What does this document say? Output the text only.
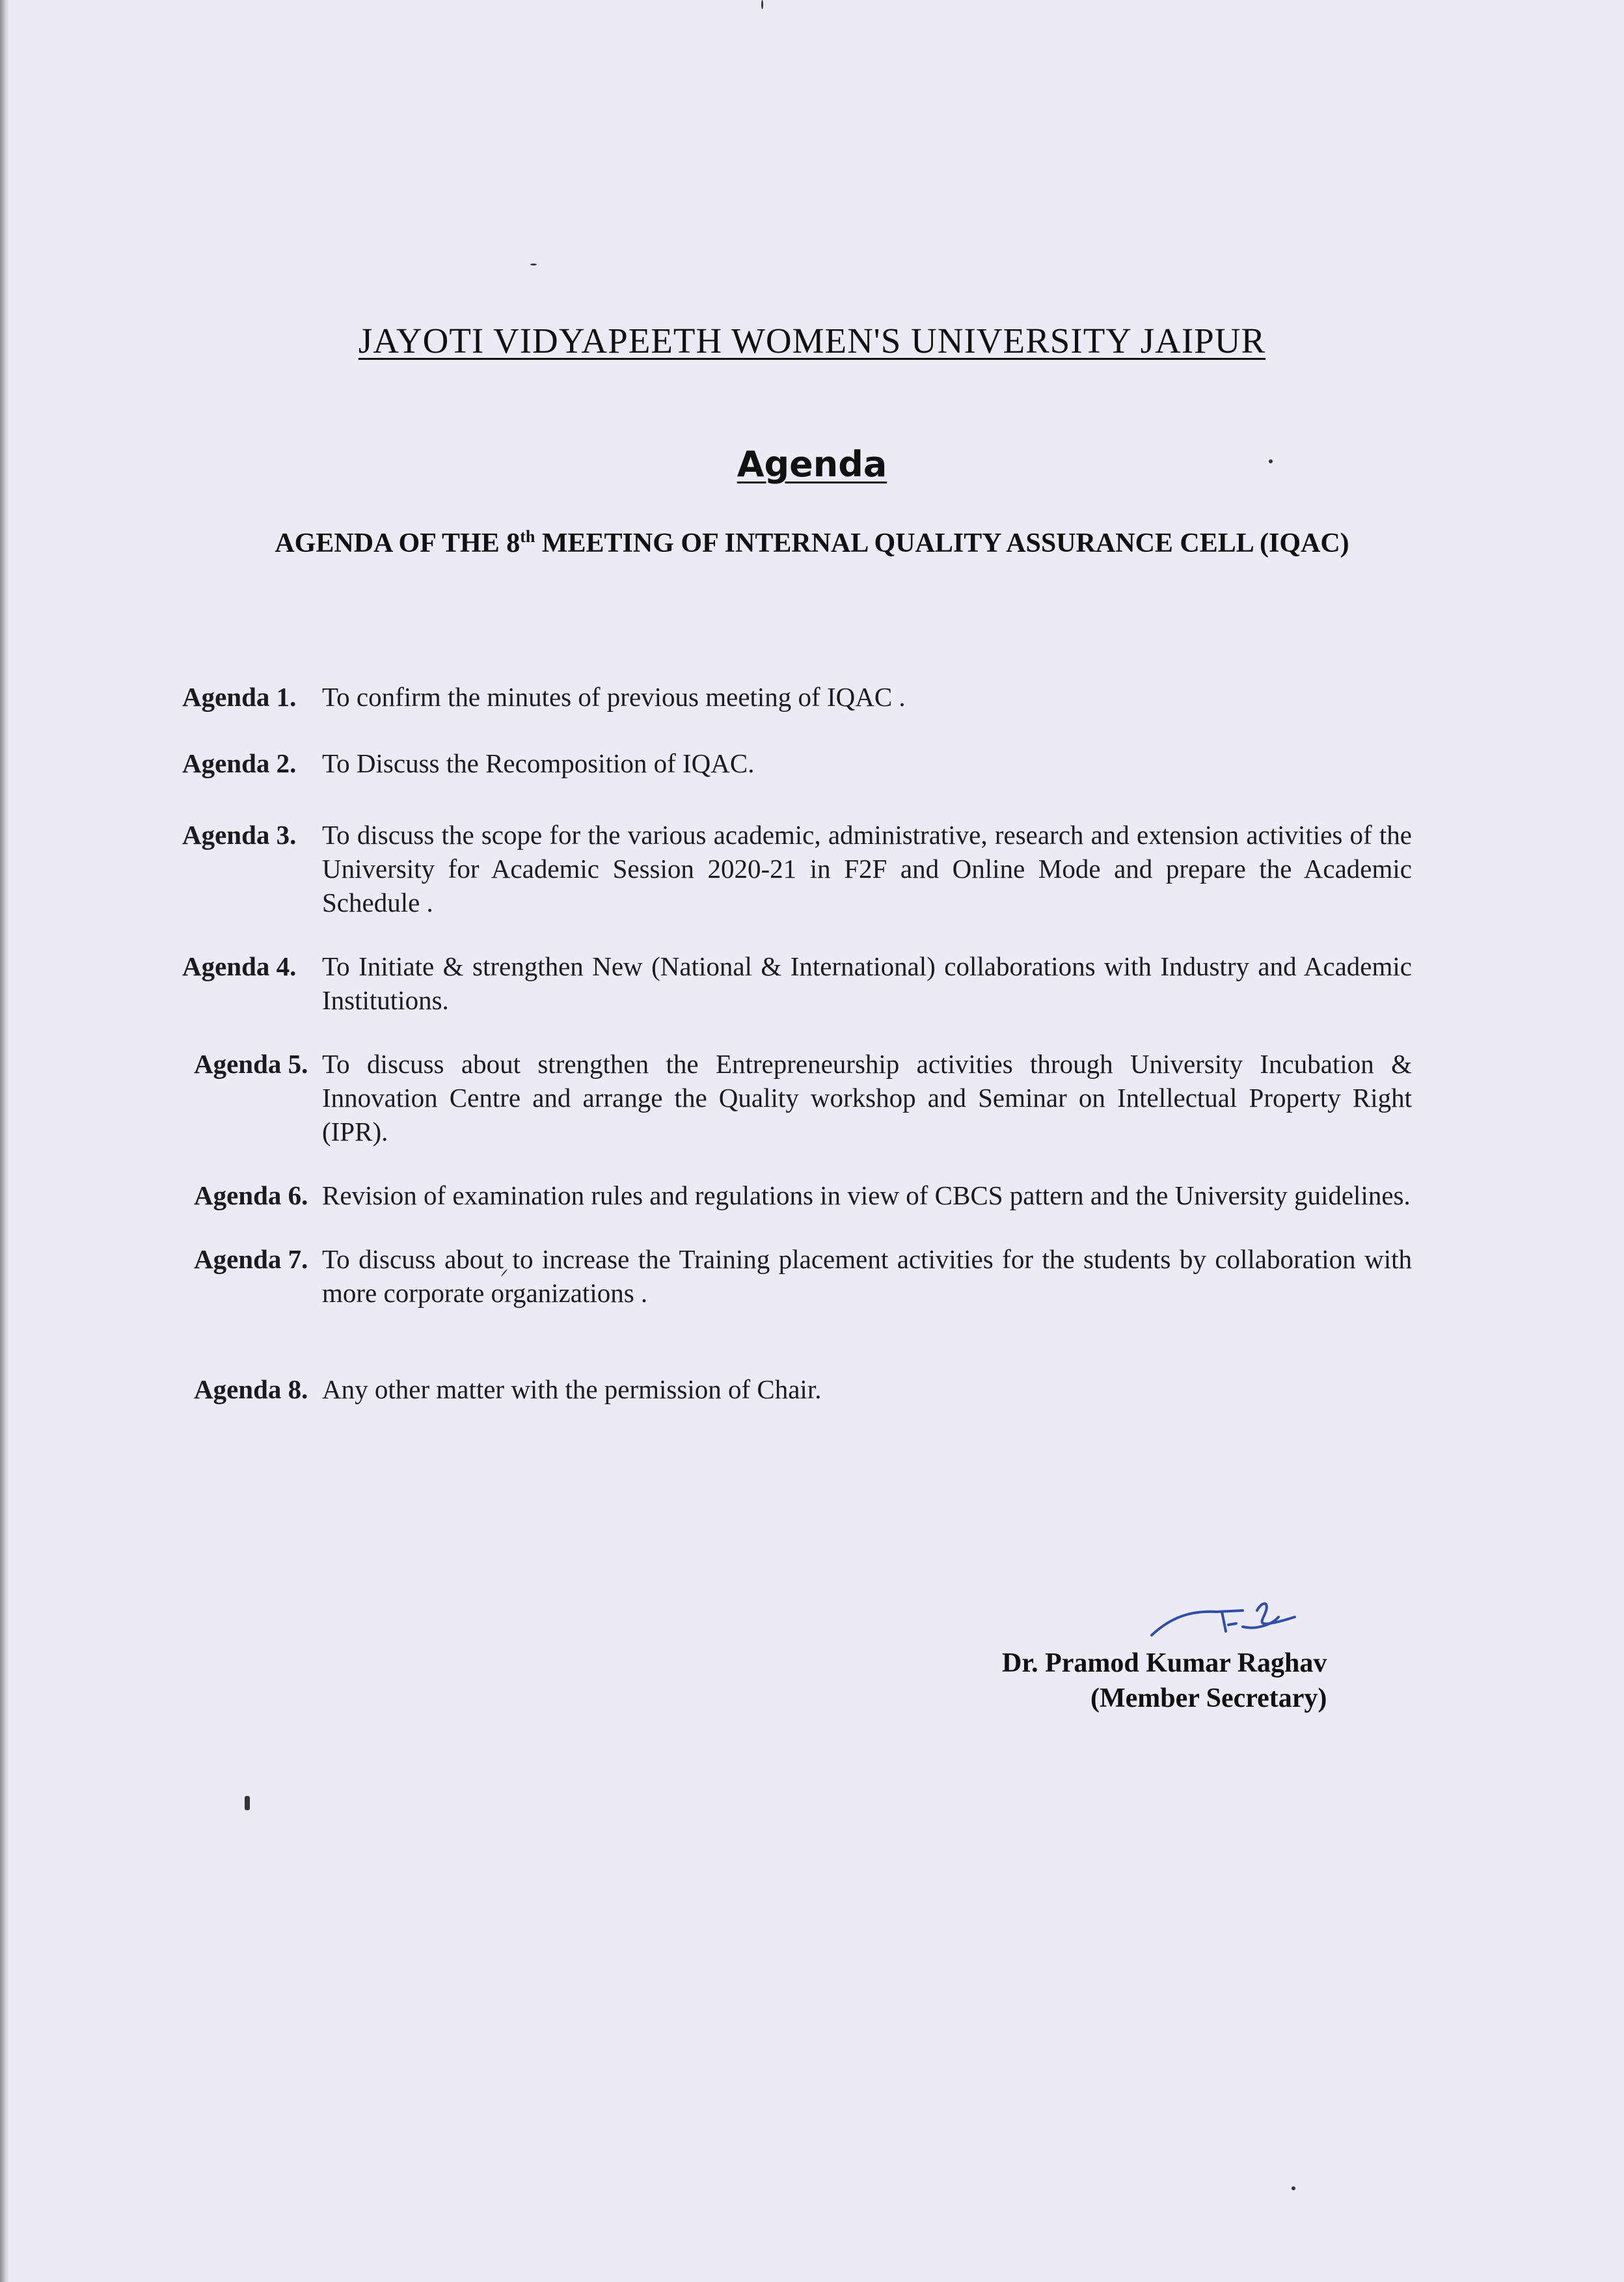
JAYOTI VIDYAPEETH WOMEN'S UNIVERSITY JAIPUR
Agenda
AGENDA OF THE 8th MEETING OF INTERNAL QUALITY ASSURANCE CELL (IQAC)
Agenda 1. To confirm the minutes of previous meeting of IQAC .
Agenda 2. To Discuss the Recomposition of IQAC.
Agenda 3. To discuss the scope for the various academic, administrative, research and extension activities of the University for Academic Session 2020-21 in F2F and Online Mode and prepare the Academic Schedule .
Agenda 4. To Initiate & strengthen New (National & International) collaborations with Industry and Academic Institutions.
Agenda 5. To discuss about strengthen the Entrepreneurship activities through University Incubation & Innovation Centre and arrange the Quality workshop and Seminar on Intellectual Property Right (IPR).
Agenda 6. Revision of examination rules and regulations in view of CBCS pattern and the University guidelines.
Agenda 7. To discuss about to increase the Training placement activities for the students by collaboration with more corporate organizations .
Agenda 8. Any other matter with the permission of Chair.
Dr. Pramod Kumar Raghav
(Member Secretary)
